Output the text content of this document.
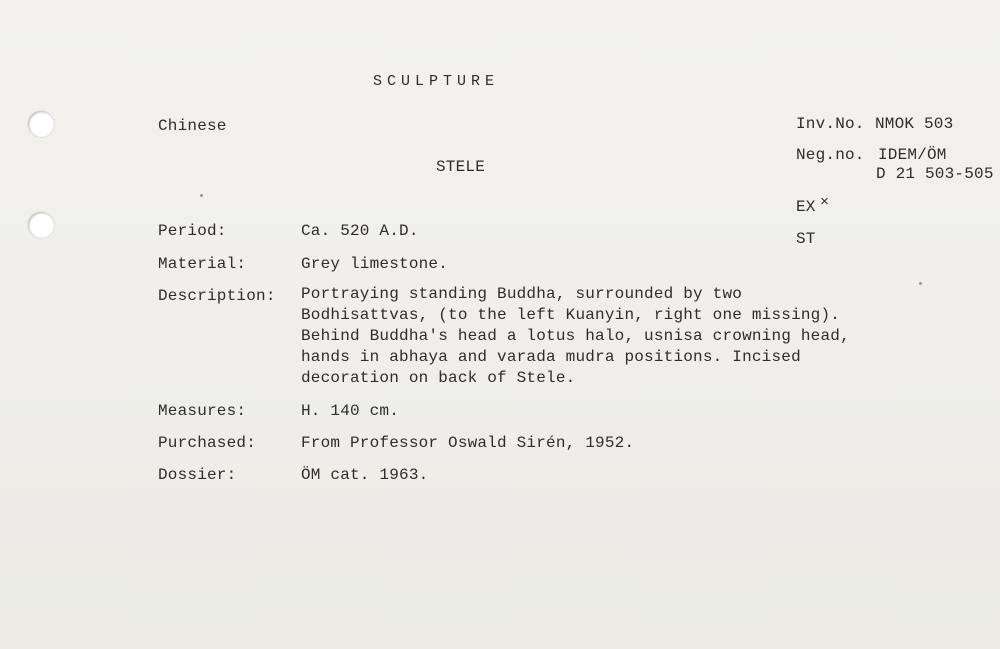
SCULPTURE
Chinese
STELE
Inv.No. NMOK 503
Neg.no. IDEM/ÖM
D 21 503-505
EX ×
ST
Period:	Ca. 520 A.D.
Material:	Grey limestone.
Description: Portraying standing Buddha, surrounded by two
Bodhisattvas, (to the left Kuanyin, right one missing).
Behind Buddha's head a lotus halo, usnisa crowning head,
hands in abhaya and varada mudra positions. Incised
decoration on back of Stele.
Measures:	H. 140 cm.
Purchased:	From Professor Oswald Sirén, 1952.
Dossier:	ÖM cat. 1963.
